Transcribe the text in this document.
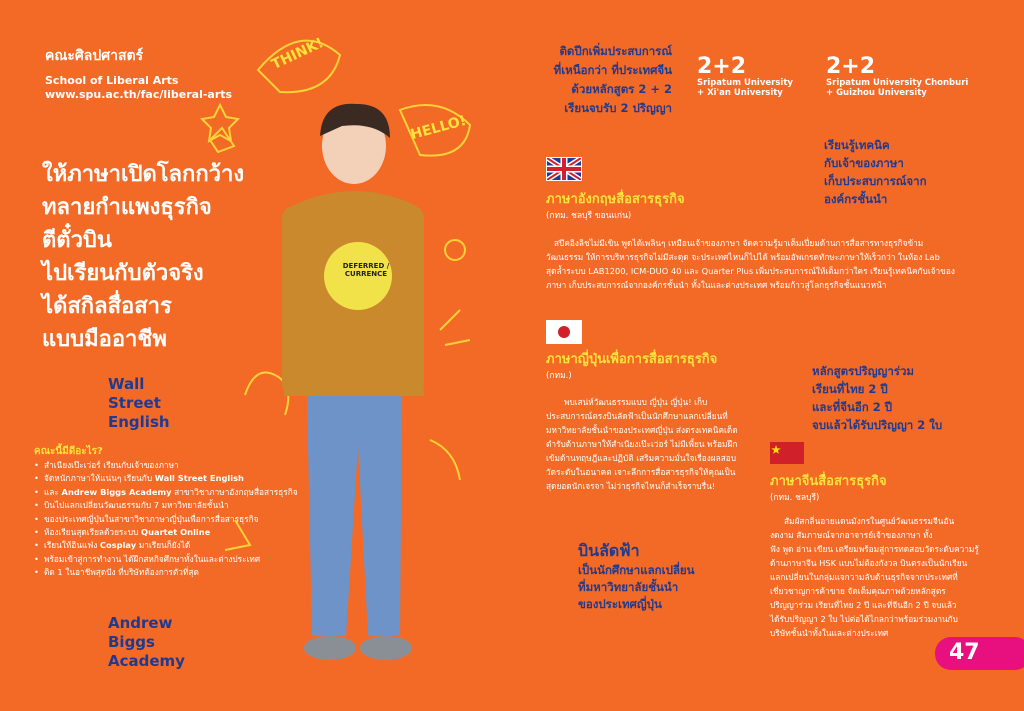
THINK!
HELLO!
DEFERRED / CURRENCE
คณะศิลปศาสตร์
School of Liberal Arts
www.spu.ac.th/fac/liberal-arts
ให้ภาษาเปิดโลกกว้าง
ทลายกำแพงธุรกิจ
ตีตั๋วบิน
ไปเรียนกับตัวจริง
ได้สกิลสื่อสาร
แบบมืออาชีพ
Wall
Street
English
คณะนี้มีดีอะไร?
• สำเนียงเป๊ะเว่อร์ เรียนกับเจ้าของภาษา
• จัดหนักภาษาให้แน่นๆ เรียนกับ Wall Street English
• และ Andrew Biggs Academy สาขาวิชาภาษาอังกฤษสื่อสารธุรกิจ
• บินไปแลกเปลี่ยนวัฒนธรรมกับ 7 มหาวิทยาลัยชั้นนำ
• ของประเทศญี่ปุ่นในสาขาวิชาภาษาญี่ปุ่นเพื่อการสื่อสารธุรกิจ
• ห้องเรียนสุดเรียลด้วยระบบ Quartet Online
• เรียนให้อินแฟ่ง Cosplay มาเรียนก็ยังได้
• พร้อมเข้าสู่การทำงาน ได้ฝึกสหกิจศึกษาทั้งในและต่างประเทศ
• ติด 1 ในอาชีพสุดปัง ที่บริษัทต้องการตัวที่สุด
Andrew
Biggs
Academy
ติดปีกเพิ่มประสบการณ์
ที่เหนือกว่า ที่ประเทศจีน
ด้วยหลักสูตร 2 + 2
เรียนจบรับ 2 ปริญญา
2+2
Sripatum University
+ Xi'an University
2+2
Sripatum University Chonburi
+ Guizhou University
ภาษาอังกฤษสื่อสารธุรกิจ
(กทม. ชลบุรี ขอนแก่น)
เรียนรู้เทคนิค
กับเจ้าของภาษา
เก็บประสบการณ์จาก
องค์กรชั้นนำ
สปีคอิงลิชไม่มีเขิน พูดได้เพลินๆ เหมือนเจ้าของภาษา จัดความรู้มาเต็มเปี่ยมด้านการสื่อสารทางธุรกิจข้าม
วัฒนธรรม ให้การบริหารธุรกิจไม่มีสะดุด จะประเทศไหนก็ไปได้ พร้อมอัพเกรดทักษะภาษาให้เร็วกว่า ในห้อง Lab
สุดล้ำระบบ LAB1200, ICM-DUO 40 และ Quarter Plus เพิ่มประสบการณ์ให้เต็มกว่าใคร เรียนรู้เทคนิคกับเจ้าของ
ภาษา เก็บประสบการณ์จากองค์กรชั้นนำ ทั้งในและต่างประเทศ พร้อมก้าวสู่โลกธุรกิจชั้นแนวหน้า
ภาษาญี่ปุ่นเพื่อการสื่อสารธุรกิจ
(กทม.)
พบเสน่ห์วัฒนธรรมแบบ ญี่ปุ่น ญี่ปุ่น! เก็บ
ประสบการณ์ตรงบินลัดฟ้าเป็นนักศึกษาแลกเปลี่ยนที่
มหาวิทยาลัยชั้นนำของประเทศญี่ปุ่น ส่งตรงเทคนิคเด็ด
ตำรับด้านภาษาให้สำเนียงเป๊ะเว่อร์ ไม่มีเพี้ยน พร้อมฝึก
เข้มด้านทฤษฎีและปฏิบัติ เสริมความมั่นใจเรื่องผลสอบ
วัดระดับในอนาคต เจาะลึกการสื่อสารธุรกิจให้คุณเป็น
สุดยอดนักเจรจา ไม่ว่าธุรกิจไหนก็สำเร็จราบรื่น!
บินลัดฟ้า
เป็นนักศึกษาแลกเปลี่ยน
ที่มหาวิทยาลัยชั้นนำ
ของประเทศญี่ปุ่น
หลักสูตรปริญญาร่วม
เรียนที่ไทย 2 ปี
และที่จีนอีก 2 ปี
จบแล้วได้รับปริญญา 2 ใบ
ภาษาจีนสื่อสารธุรกิจ
(กทม. ชลบุรี)
สัมผัสกลิ่นอายแดนมังกรในศูนย์วัฒนธรรมจีนอัน
งดงาม สัมภาษณ์จากอาจารย์เจ้าของภาษา ทั้ง
ฟัง พูด อ่าน เขียน เตรียมพร้อมสู่การทดสอบวัดระดับความรู้
ด้านภาษาจีน HSK แบบไม่ต้องกังวล บินตรงเป็นนักเรียน
แลกเปลี่ยนในกลุ่มแจกวามลับด้านธุรกิจจากประเทศที่
เชี่ยวชาญการค้าขาย จัดเต็มคุณภาพด้วยหลักสูตร
ปริญญาร่วม เรียนที่ไทย 2 ปี และที่จีนอีก 2 ปี จบแล้ว
ได้รับปริญญา 2 ใบ ไปต่อได้ไกลกว่าพร้อมร่วมงานกับ
บริษัทชั้นนำทั้งในและต่างประเทศ
47
